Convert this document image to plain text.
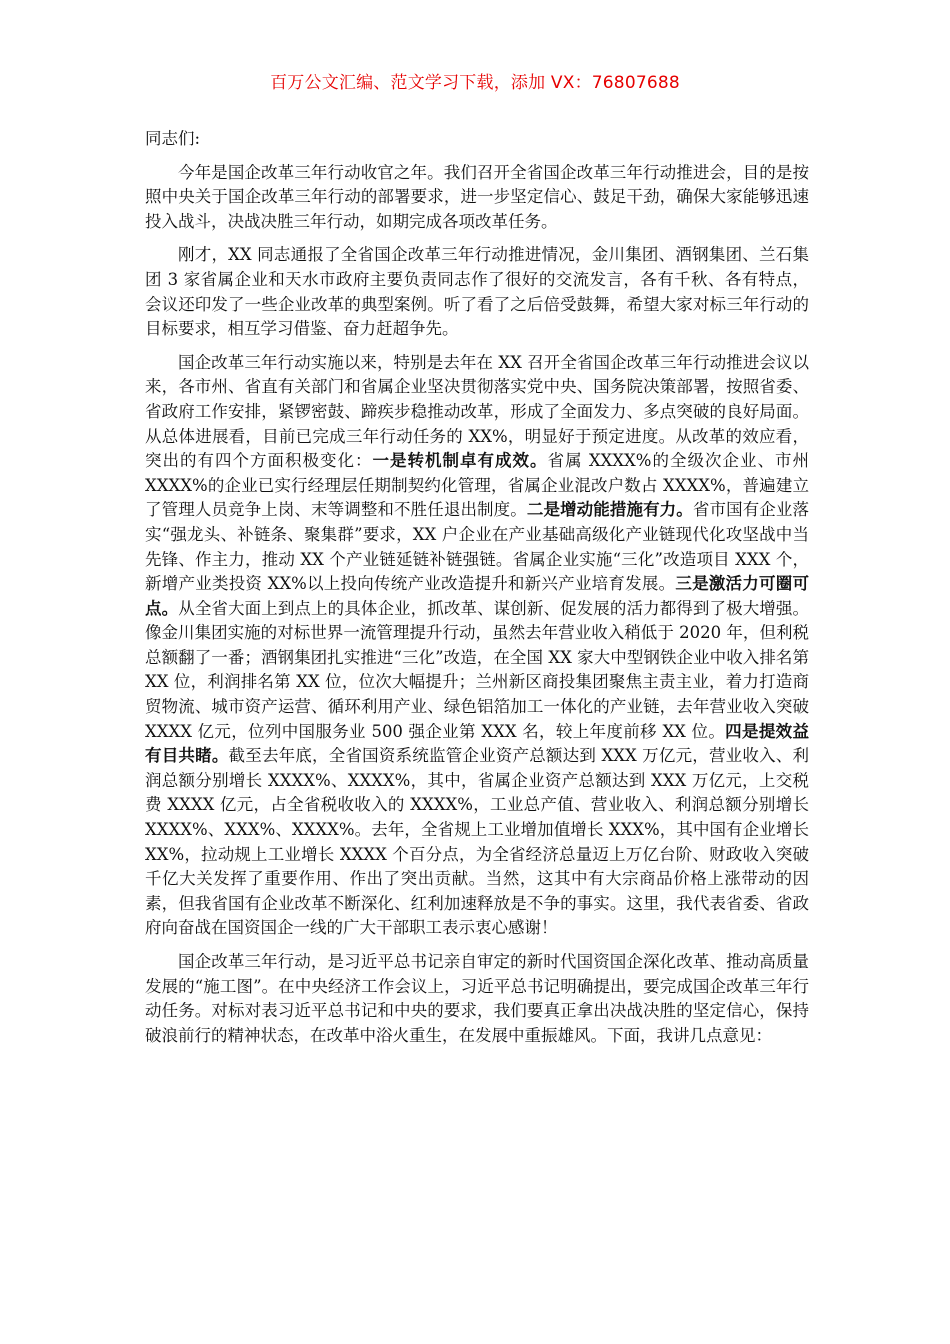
百万公文汇编、范文学习下载，添加 VX：76807688

同志们:

今年是国企改革三年行动收官之年。我们召开全省国企改革三年行动推进会，目的是按照中央关于国企改革三年行动的部署要求，进一步坚定信心、鼓足干劲，确保大家能够迅速投入战斗，决战决胜三年行动，如期完成各项改革任务。

刚才，XX 同志通报了全省国企改革三年行动推进情况，金川集团、酒钢集团、兰石集团 3 家省属企业和天水市政府主要负责同志作了很好的交流发言，各有千秋、各有特点，会议还印发了一些企业改革的典型案例。听了看了之后倍受鼓舞，希望大家对标三年行动的目标要求，相互学习借鉴、奋力赶超争先。

国企改革三年行动实施以来，特别是去年在 XX 召开全省国企改革三年行动推进会议以来，各市州、省直有关部门和省属企业坚决贯彻落实党中央、国务院决策部署，按照省委、省政府工作安排，紧锣密鼓、蹄疾步稳推动改革，形成了全面发力、多点突破的良好局面。从总体进展看，目前已完成三年行动任务的 XX%，明显好于预定进度。从改革的效应看，突出的有四个方面积极变化：一是转机制卓有成效。省属 XXXX%的全级次企业、市州 XXXX%的企业已实行经理层任期制契约化管理，省属企业混改户数占 XXXX%，普遍建立了管理人员竞争上岗、末等调整和不胜任退出制度。二是增动能措施有力。省市国有企业落实“强龙头、补链条、聚集群”要求，XX 户企业在产业基础高级化产业链现代化攻坚战中当先锋、作主力，推动 XX 个产业链延链补链强链。省属企业实施“三化”改造项目 XXX 个，新增产业类投资 XX%以上投向传统产业改造提升和新兴产业培育发展。三是激活力可圈可点。从全省大面上到点上的具体企业，抓改革、谋创新、促发展的活力都得到了极大增强。像金川集团实施的对标世界一流管理提升行动，虽然去年营业收入稍低于 2020 年，但利税总额翻了一番；酒钢集团扎实推进“三化”改造，在全国 XX 家大中型钢铁企业中收入排名第 XX 位，利润排名第 XX 位，位次大幅提升；兰州新区商投集团聚焦主责主业，着力打造商贸物流、城市资产运营、循环利用产业、绿色铝箔加工一体化的产业链，去年营业收入突破 XXXX 亿元，位列中国服务业 500 强企业第 XXX 名，较上年度前移 XX 位。四是提效益有目共睹。截至去年底，全省国资系统监管企业资产总额达到 XXX 万亿元，营业收入、利润总额分别增长 XXXX%、XXXX%，其中，省属企业资产总额达到 XXX 万亿元，上交税费 XXXX 亿元，占全省税收收入的 XXXX%，工业总产值、营业收入、利润总额分别增长 XXXX%、XXX%、XXXX%。去年，全省规上工业增加值增长 XXX%，其中国有企业增长 XX%，拉动规上工业增长 XXXX 个百分点，为全省经济总量迈上万亿台阶、财政收入突破千亿大关发挥了重要作用、作出了突出贡献。当然，这其中有大宗商品价格上涨带动的因素，但我省国有企业改革不断深化、红利加速释放是不争的事实。这里，我代表省委、省政府向奋战在国资国企一线的广大干部职工表示衷心感谢！

国企改革三年行动，是习近平总书记亲自审定的新时代国资国企深化改革、推动高质量发展的“施工图”。在中央经济工作会议上，习近平总书记明确提出，要完成国企改革三年行动任务。对标对表习近平总书记和中央的要求，我们要真正拿出决战决胜的坚定信心，保持破浪前行的精神状态，在改革中浴火重生，在发展中重振雄风。下面，我讲几点意见：
